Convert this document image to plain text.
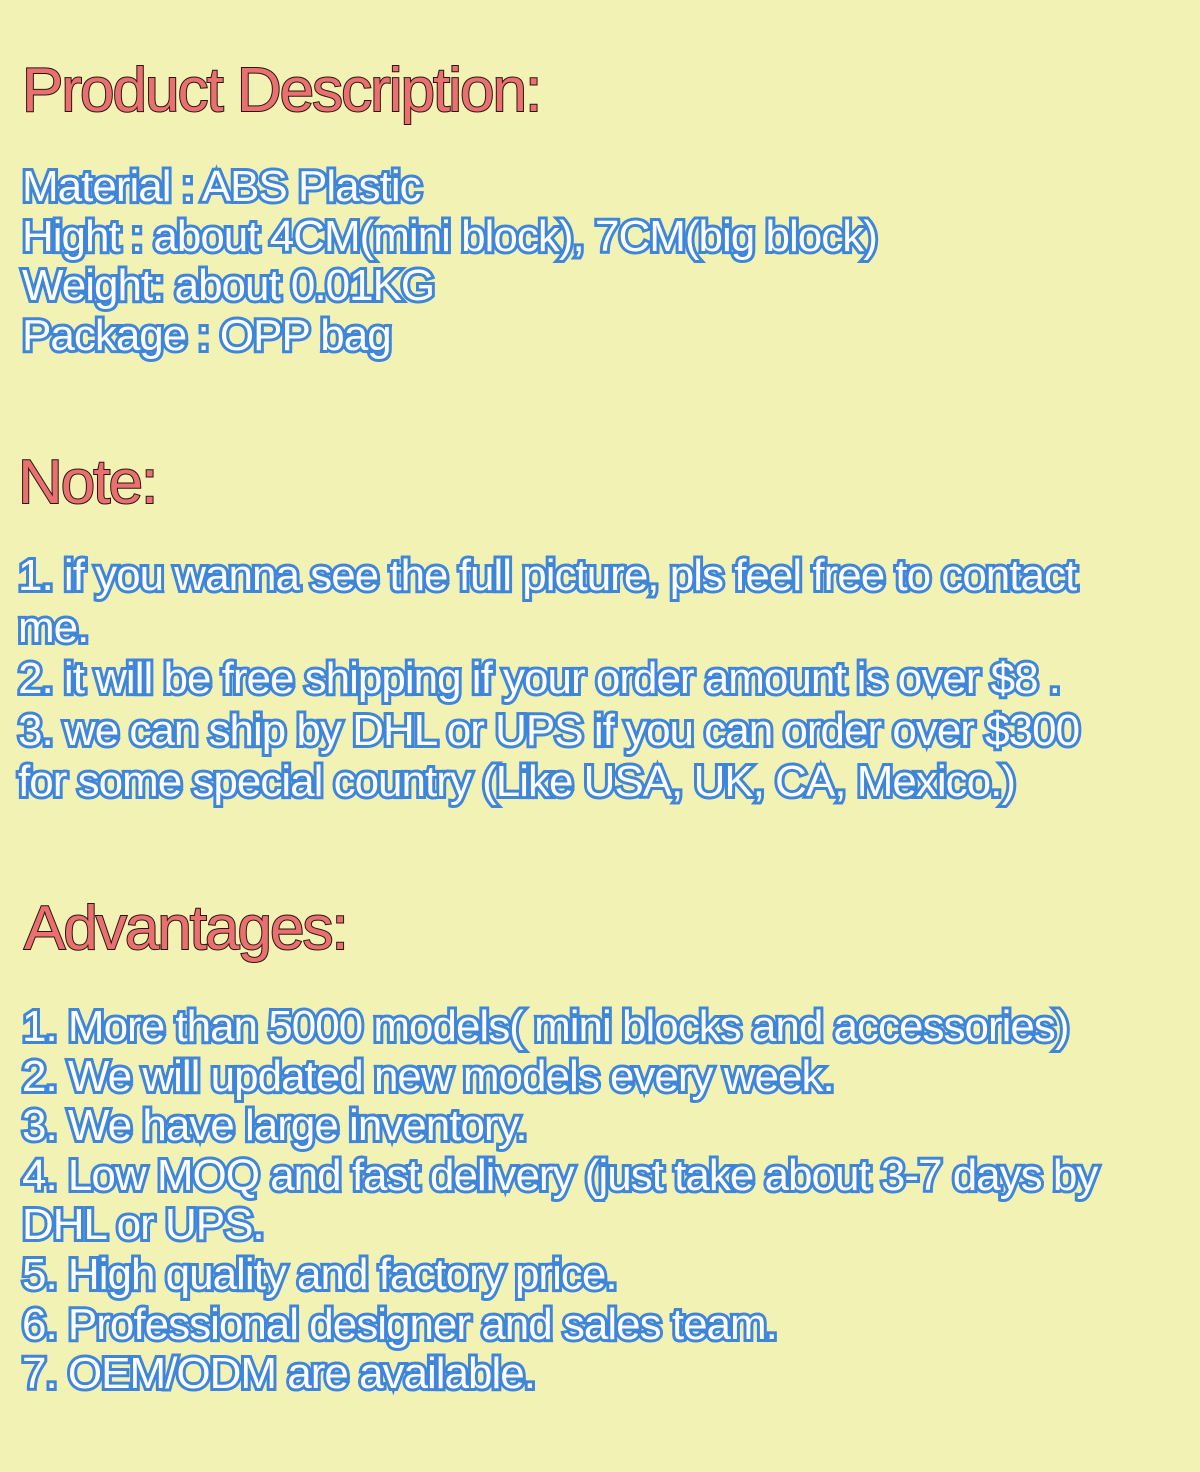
Product Description:
Material : ABS Plastic
Hight : about 4CM(mini block), 7CM(big block)
Weight: about 0.01KG
Package : OPP bag
Note:
1. if you wanna see the full picture, pls feel free to contact
me.
2. it will be free shipping if your order amount is over $8 .
3. we can ship by DHL or UPS if you can order over $300
for some special country (Like USA, UK, CA, Mexico.)
Advantages:
1. More than 5000 models( mini blocks and accessories)
2. We will updated new models every week.
3. We have large inventory.
4. Low MOQ and fast delivery (just take about 3-7 days by
DHL or UPS.
5. High quality and factory price.
6. Professional designer and sales team.
7. OEM/ODM are available.
